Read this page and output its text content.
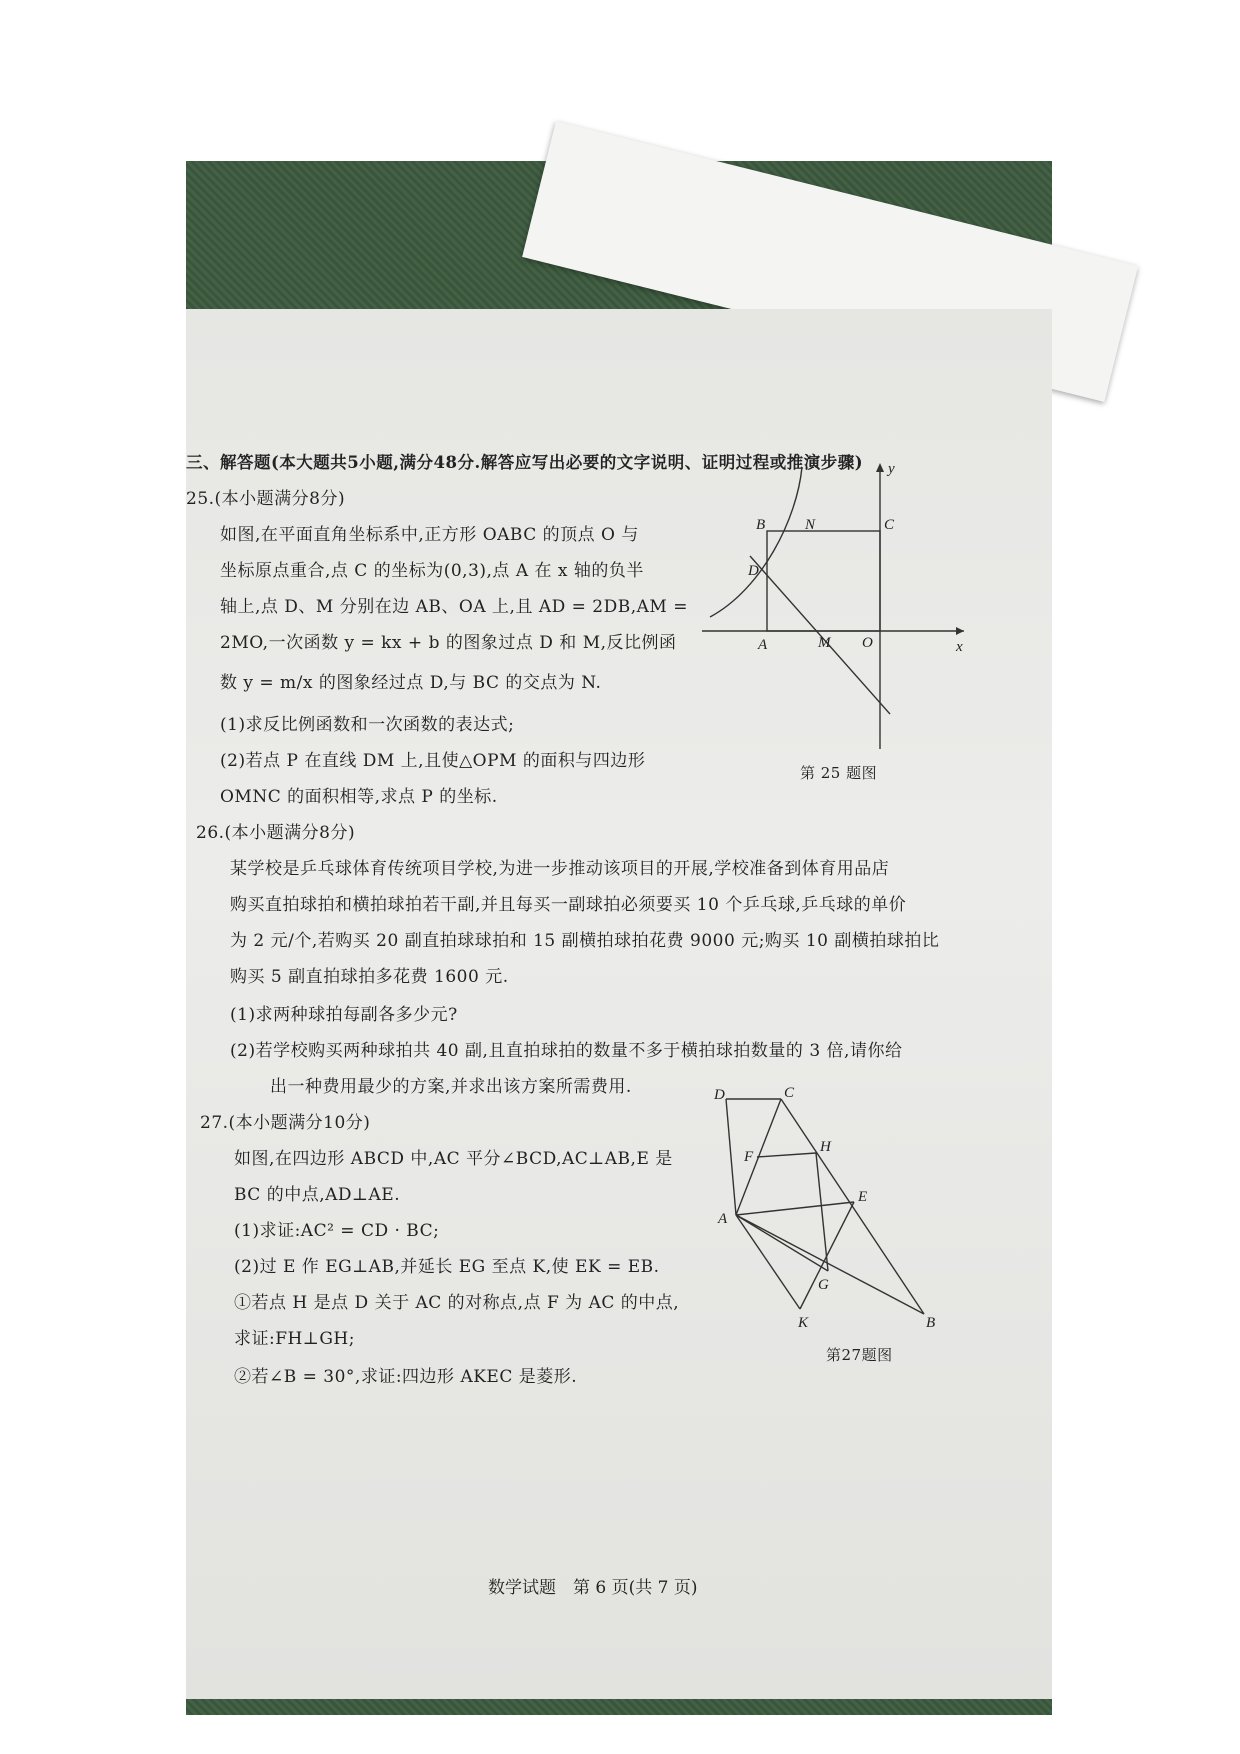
三、解答题(本大题共5小题,满分48分.解答应写出必要的文字说明、证明过程或推演步骤)
25.(本小题满分8分)
如图,在平面直角坐标系中,正方形 OABC 的顶点 O 与
坐标原点重合,点 C 的坐标为(0,3),点 A 在 x 轴的负半
轴上,点 D、M 分别在边 AB、OA 上,且 AD = 2DB,AM =
2MO,一次函数 y = kx + b 的图象过点 D 和 M,反比例函
数 y = m/x 的图象经过点 D,与 BC 的交点为 N.
(1)求反比例函数和一次函数的表达式;
(2)若点 P 在直线 DM 上,且使△OPM 的面积与四边形
OMNC 的面积相等,求点 P 的坐标.
B	N	C
D
A	M O	x
y
第 25 题图
26.(本小题满分8分)
某学校是乒乓球体育传统项目学校,为进一步推动该项目的开展,学校准备到体育用品店
购买直拍球拍和横拍球拍若干副,并且每买一副球拍必须要买 10 个乒乓球,乒乓球的单价
为 2 元/个,若购买 20 副直拍球球拍和 15 副横拍球拍花费 9000 元;购买 10 副横拍球拍比
购买 5 副直拍球拍多花费 1600 元.
(1)求两种球拍每副各多少元?
(2)若学校购买两种球拍共 40 副,且直拍球拍的数量不多于横拍球拍数量的 3 倍,请你给
出一种费用最少的方案,并求出该方案所需费用.
27.(本小题满分10分)
如图,在四边形 ABCD 中,AC 平分∠BCD,AC⊥AB,E 是
BC 的中点,AD⊥AE.
(1)求证:AC² = CD · BC;
(2)过 E 作 EG⊥AB,并延长 EG 至点 K,使 EK = EB.
①若点 H 是点 D 关于 AC 的对称点,点 F 为 AC 的中点,
求证:FH⊥GH;
②若∠B = 30°,求证:四边形 AKEC 是菱形.
D	C
F
H
A
E
G
K	B
第27题图
数学试题　第 6 页(共 7 页)
